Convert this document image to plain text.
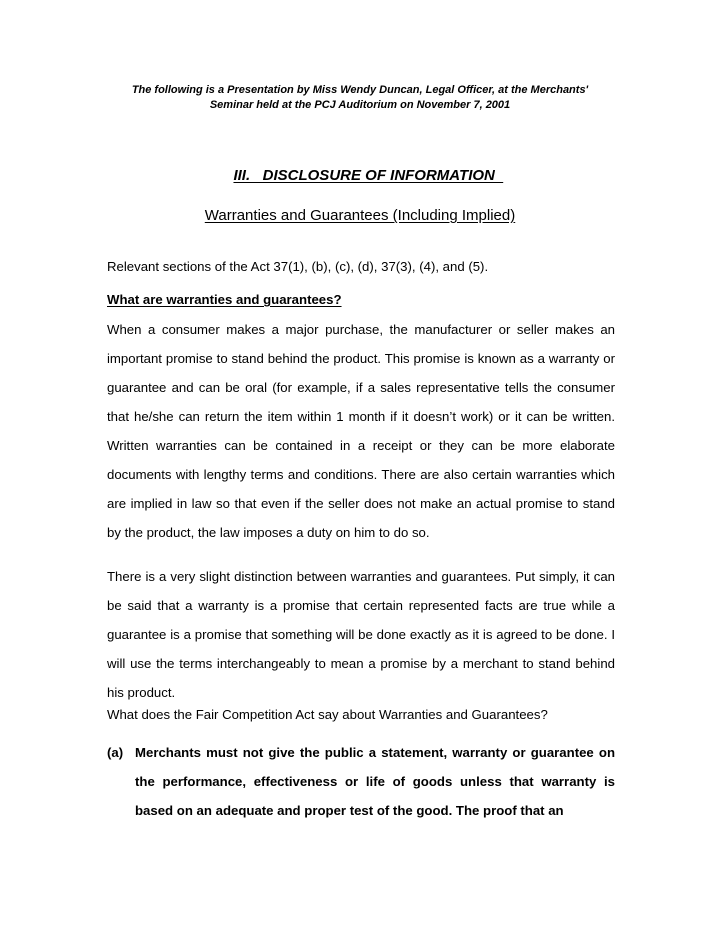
The following is a Presentation by Miss Wendy Duncan, Legal Officer, at the Merchants'
Seminar held at the PCJ Auditorium on November 7, 2001

III.   DISCLOSURE OF INFORMATION

Warranties and Guarantees (Including Implied)
Relevant sections of the Act 37(1), (b), (c), (d), 37(3), (4), and (5).
What are warranties and guarantees?
When a consumer makes a major purchase, the manufacturer or seller makes an important promise to stand behind the product. This promise is known as a warranty or guarantee and can be oral (for example, if a sales representative tells the consumer that he/she can return the item within 1 month if it doesn’t work) or it can be written. Written warranties can be contained in a receipt or they can be more elaborate documents with lengthy terms and conditions. There are also certain warranties which are implied in law so that even if the seller does not make an actual promise to stand by the product, the law imposes a duty on him to do so.
There is a very slight distinction between warranties and guarantees. Put simply, it can be said that a warranty is a promise that certain represented facts are true while a guarantee is a promise that something will be done exactly as it is agreed to be done. I will use the terms interchangeably to mean a promise by a merchant to stand behind his product.
What does the Fair Competition Act say about Warranties and Guarantees?
(a) Merchants must not give the public a statement, warranty or guarantee on the performance, effectiveness or life of goods unless that warranty is based on an adequate and proper test of the good. The proof that an
